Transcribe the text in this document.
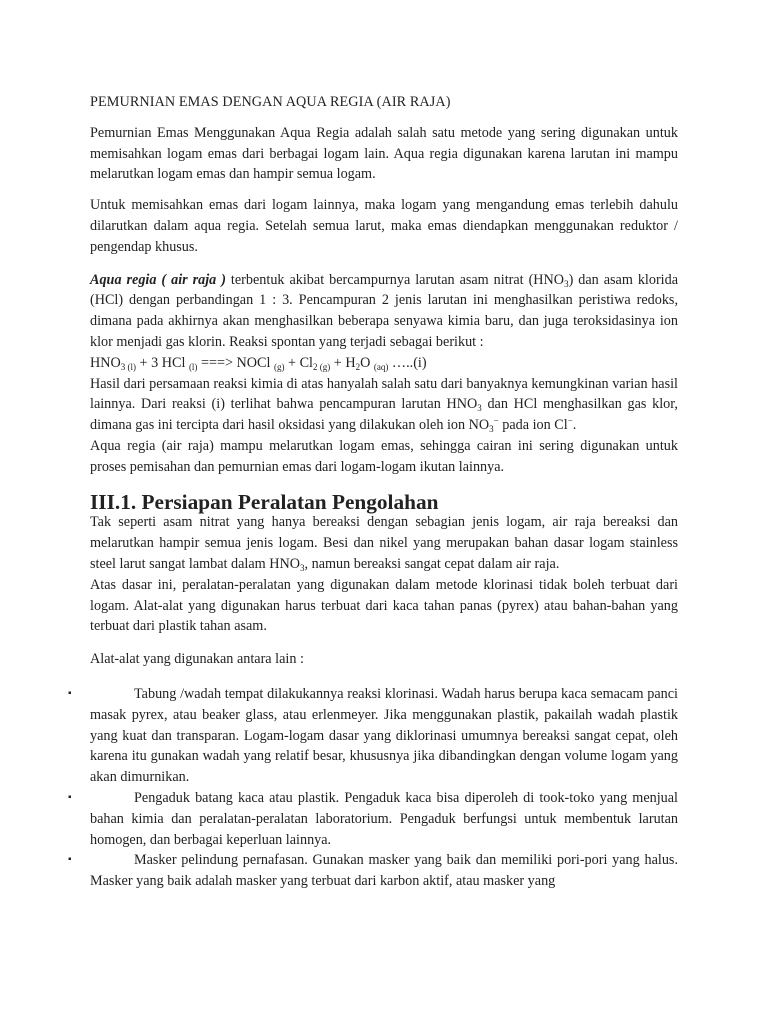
PEMURNIAN EMAS DENGAN AQUA REGIA (AIR RAJA)

Pemurnian Emas Menggunakan Aqua Regia adalah salah satu metode yang sering digunakan untuk memisahkan logam emas dari berbagai logam lain. Aqua regia digunakan karena larutan ini mampu melarutkan logam emas dan hampir semua logam.

Untuk memisahkan emas dari logam lainnya, maka logam yang mengandung emas terlebih dahulu dilarutkan dalam aqua regia. Setelah semua larut, maka emas diendapkan menggunakan reduktor / pengendap khusus.

Aqua regia ( air raja ) terbentuk akibat bercampurnya larutan asam nitrat $(HNO_3)$ dan asam klorida (HCl) dengan perbandingan 1 : 3. Pencampuran 2 jenis larutan ini menghasilkan peristiwa redoks, dimana pada akhirnya akan menghasilkan beberapa senyawa kimia baru, dan juga teroksidasinya ion klor menjadi gas klorin. Reaksi spontan yang terjadi sebagai berikut :

$HNO_{3 (l)} + 3$ HCl $_{(l)}$ ===> NOCl $_{(g)} + Cl_{2 (g)} + H_2O$ $_{(aq)}$ …..(i)

Hasil dari persamaan reaksi kimia di atas hanyalah salah satu dari banyaknya kemungkinan varian hasil lainnya. Dari reaksi (i) terlihat bahwa pencampuran larutan $HNO_3$ dan HCl menghasilkan gas klor, dimana gas ini tercipta dari hasil oksidasi yang dilakukan oleh ion $NO_3^-$ pada ion Cl−.

Aqua regia (air raja) mampu melarutkan logam emas, sehingga cairan ini sering digunakan untuk proses pemisahan dan pemurnian emas dari logam-logam ikutan lainnya.

III.1. Persiapan Peralatan Pengolahan

Tak seperti asam nitrat yang hanya bereaksi dengan sebagian jenis logam, air raja bereaksi dan melarutkan hampir semua jenis logam. Besi dan nikel yang merupakan bahan dasar logam stainless steel larut sangat lambat dalam $HNO_3$, namun bereaksi sangat cepat dalam air raja.

Atas dasar ini, peralatan-peralatan yang digunakan dalam metode klorinasi tidak boleh terbuat dari logam. Alat-alat yang digunakan harus terbuat dari kaca tahan panas (pyrex) atau bahan-bahan yang terbuat dari plastik tahan asam.

Alat-alat yang digunakan antara lain :

▪	Tabung /wadah tempat dilakukannya reaksi klorinasi. Wadah harus berupa kaca semacam panci masak pyrex, atau beaker glass, atau erlenmeyer. Jika menggunakan plastik, pakailah wadah plastik yang kuat dan transparan. Logam-logam dasar yang diklorinasi umumnya bereaksi sangat cepat, oleh karena itu gunakan wadah yang relatif besar, khususnya jika dibandingkan dengan volume logam yang akan dimurnikan.
▪	Pengaduk batang kaca atau plastik. Pengaduk kaca bisa diperoleh di took-toko yang menjual bahan kimia dan peralatan-peralatan laboratorium. Pengaduk berfungsi untuk membentuk larutan homogen, dan berbagai keperluan lainnya.
▪	Masker pelindung pernafasan. Gunakan masker yang baik dan memiliki pori-pori yang halus. Masker yang baik adalah masker yang terbuat dari karbon aktif, atau masker yang
